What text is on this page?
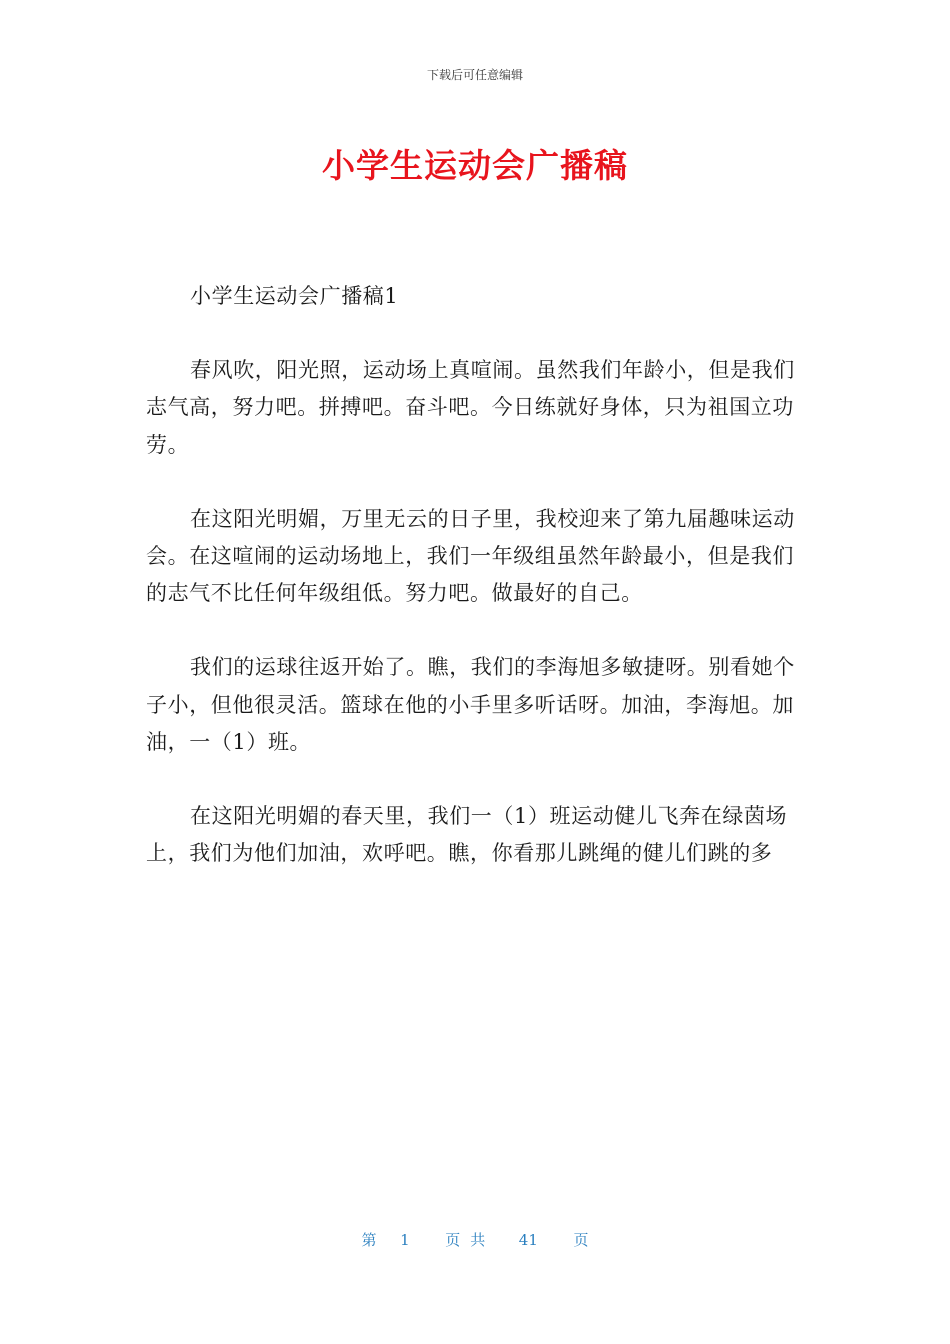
下载后可任意编辑
小学生运动会广播稿

小学生运动会广播稿1

春风吹，阳光照，运动场上真喧闹。虽然我们年龄小，但是我们志气高，努力吧。拼搏吧。奋斗吧。今日练就好身体，只为祖国立功劳。

在这阳光明媚，万里无云的日子里，我校迎来了第九届趣味运动会。在这喧闹的运动场地上，我们一年级组虽然年龄最小，但是我们的志气不比任何年级组低。努力吧。做最好的自己。

我们的运球往返开始了。瞧，我们的李海旭多敏捷呀。别看她个子小，但他很灵活。篮球在他的小手里多听话呀。加油，李海旭。加油，一（1）班。

在这阳光明媚的春天里，我们一（1）班运动健儿飞奔在绿茵场上，我们为他们加油，欢呼吧。瞧，你看那儿跳绳的健儿们跳的多

第 1 页共 41 页
